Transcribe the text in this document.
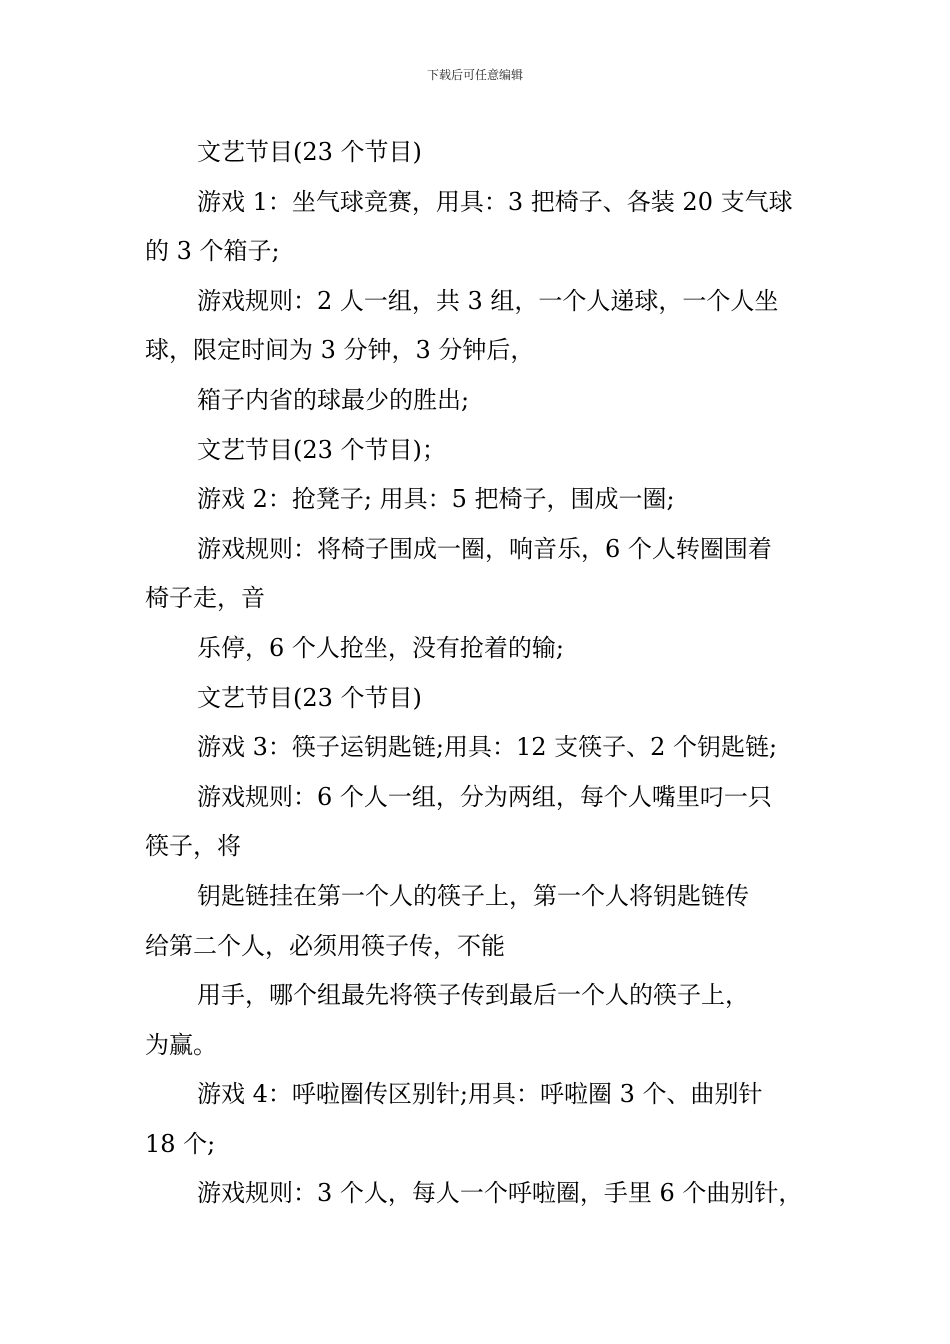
下载后可任意编辑

文艺节目(23 个节目)

游戏 1：坐气球竞赛，用具：3 把椅子、各装 20 支气球
的 3 个箱子;

游戏规则：2 人一组，共 3 组，一个人递球，一个人坐
球，限定时间为 3 分钟，3 分钟后，

箱子内省的球最少的胜出;

文艺节目(23 个节目)；

游戏 2：抢凳子; 用具：5 把椅子，围成一圈;

游戏规则：将椅子围成一圈，响音乐，6 个人转圈围着
椅子走，音

乐停，6 个人抢坐，没有抢着的输;

文艺节目(23 个节目)

游戏 3：筷子运钥匙链;用具：12 支筷子、2 个钥匙链;

游戏规则：6 个人一组，分为两组，每个人嘴里叼一只
筷子，将

钥匙链挂在第一个人的筷子上，第一个人将钥匙链传
给第二个人，必须用筷子传，不能

用手，哪个组最先将筷子传到最后一个人的筷子上，
为赢。

游戏 4：呼啦圈传区别针;用具：呼啦圈 3 个、曲别针
18 个;

游戏规则：3 个人，每人一个呼啦圈，手里 6 个曲别针，
